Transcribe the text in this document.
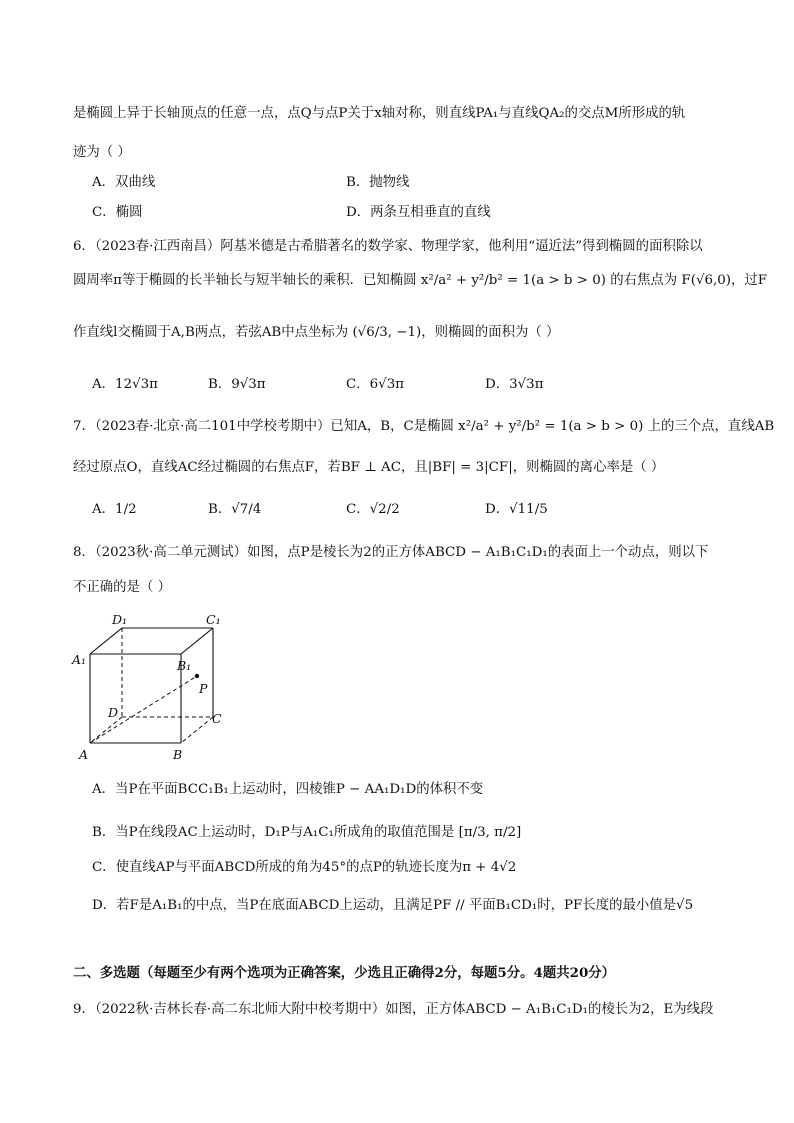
是椭圆上异于长轴顶点的任意一点，点Q与点P关于x轴对称，则直线PA₁与直线QA₂的交点M所形成的轨
迹为（ ）
A．双曲线	B．抛物线
C．椭圆	D．两条互相垂直的直线
6．（2023春·江西南昌）阿基米德是古希腊著名的数学家、物理学家，他利用“逼近法”得到椭圆的面积除以
圆周率π等于椭圆的长半轴长与短半轴长的乘积．已知椭圆 x²/a² + y²/b² = 1(a > b > 0) 的右焦点为 F(√6,0)，过F
作直线l交椭圆于A,B两点，若弦AB中点坐标为 (√6/3, −1)，则椭圆的面积为（ ）
A．12√3π	B．9√3π	C．6√3π	D．3√3π
7．（2023春·北京·高二101中学校考期中）已知A，B，C是椭圆 x²/a² + y²/b² = 1(a > b > 0) 上的三个点，直线AB
经过原点O，直线AC经过椭圆的右焦点F，若BF ⊥ AC，且|BF| = 3|CF|，则椭圆的离心率是（ ）
A．1/2	B．√7/4	C．√2/2	D．√11/5
8．（2023秋·高二单元测试）如图，点P是棱长为2的正方体ABCD − A₁B₁C₁D₁的表面上一个动点，则以下
不正确的是（ ）
D₁	C₁
A₁	B₁
P
D	C
A	B
A．当P在平面BCC₁B₁上运动时，四棱锥P − AA₁D₁D的体积不变
B．当P在线段AC上运动时，D₁P与A₁C₁所成角的取值范围是 [π/3, π/2]
C．使直线AP与平面ABCD所成的角为45°的点P的轨迹长度为π + 4√2
D．若F是A₁B₁的中点，当P在底面ABCD上运动，且满足PF // 平面B₁CD₁时，PF长度的最小值是√5
二、多选题（每题至少有两个选项为正确答案，少选且正确得2分，每题5分。4题共20分）
9．（2022秋·吉林长春·高二东北师大附中校考期中）如图，正方体ABCD − A₁B₁C₁D₁的棱长为2，E为线段
